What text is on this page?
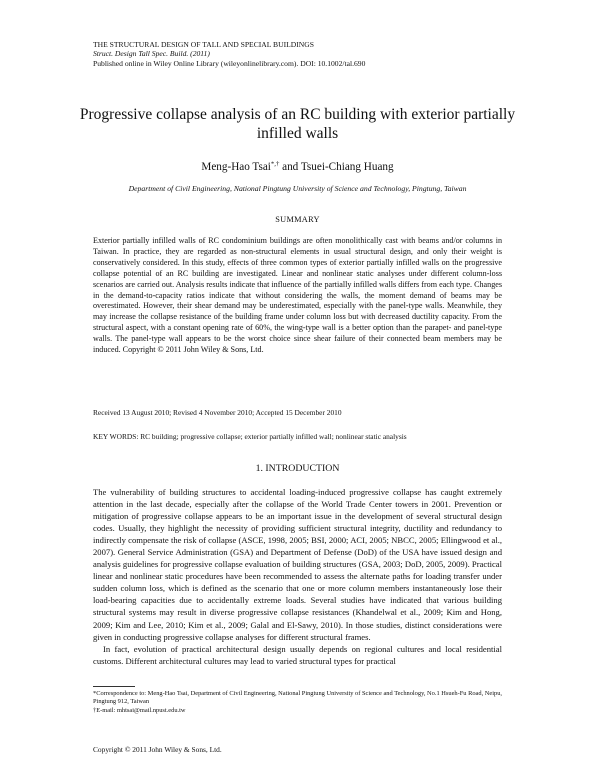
THE STRUCTURAL DESIGN OF TALL AND SPECIAL BUILDINGS
Struct. Design Tall Spec. Build. (2011)
Published online in Wiley Online Library (wileyonlinelibrary.com). DOI: 10.1002/tal.690
Progressive collapse analysis of an RC building with exterior partially infilled walls
Meng-Hao Tsai*,† and Tsuei-Chiang Huang
Department of Civil Engineering, National Pingtung University of Science and Technology, Pingtung, Taiwan
SUMMARY
Exterior partially infilled walls of RC condominium buildings are often monolithically cast with beams and/or columns in Taiwan. In practice, they are regarded as non-structural elements in usual structural design, and only their weight is conservatively considered. In this study, effects of three common types of exterior partially infilled walls on the progressive collapse potential of an RC building are investigated. Linear and nonlinear static analyses under different column-loss scenarios are carried out. Analysis results indicate that influence of the partially infilled walls differs from each type. Changes in the demand-to-capacity ratios indicate that without considering the walls, the moment demand of beams may be overestimated. However, their shear demand may be underestimated, especially with the panel-type walls. Meanwhile, they may increase the collapse resistance of the building frame under column loss but with decreased ductility capacity. From the structural aspect, with a constant opening rate of 60%, the wing-type wall is a better option than the parapet- and panel-type walls. The panel-type wall appears to be the worst choice since shear failure of their connected beam members may be induced. Copyright © 2011 John Wiley & Sons, Ltd.
Received 13 August 2010; Revised 4 November 2010; Accepted 15 December 2010
KEY WORDS: RC building; progressive collapse; exterior partially infilled wall; nonlinear static analysis
1. INTRODUCTION

The vulnerability of building structures to accidental loading-induced progressive collapse has caught extremely attention in the last decade, especially after the collapse of the World Trade Center towers in 2001. Prevention or mitigation of progressive collapse appears to be an important issue in the development of several structural design codes. Usually, they highlight the necessity of providing sufficient structural integrity, ductility and redundancy to indirectly compensate the risk of collapse (ASCE, 1998, 2005; BSI, 2000; ACI, 2005; NBCC, 2005; Ellingwood et al., 2007). General Service Administration (GSA) and Department of Defense (DoD) of the USA have issued design and analysis guidelines for progressive collapse evaluation of building structures (GSA, 2003; DoD, 2005, 2009). Practical linear and nonlinear static procedures have been recommended to assess the alternate paths for loading transfer under sudden column loss, which is defined as the scenario that one or more column members instantaneously lose their load-bearing capacities due to accidentally extreme loads. Several studies have indicated that various building structural systems may result in diverse progressive collapse resistances (Khandelwal et al., 2009; Kim and Hong, 2009; Kim and Lee, 2010; Kim et al., 2009; Galal and El-Sawy, 2010). In those studies, distinct considerations were given in conducting progressive collapse analyses for different structural frames.

In fact, evolution of practical architectural design usually depends on regional cultures and local residential customs. Different architectural cultures may lead to varied structural types for practical

*Correspondence to: Meng-Hao Tsai, Department of Civil Engineering, National Pingtung University of Science and Technology, No.1 Hsueh-Fu Road, Neipu, Pingtung 912, Taiwan
†E-mail: mhtsai@mail.npust.edu.tw
Copyright © 2011 John Wiley & Sons, Ltd.
